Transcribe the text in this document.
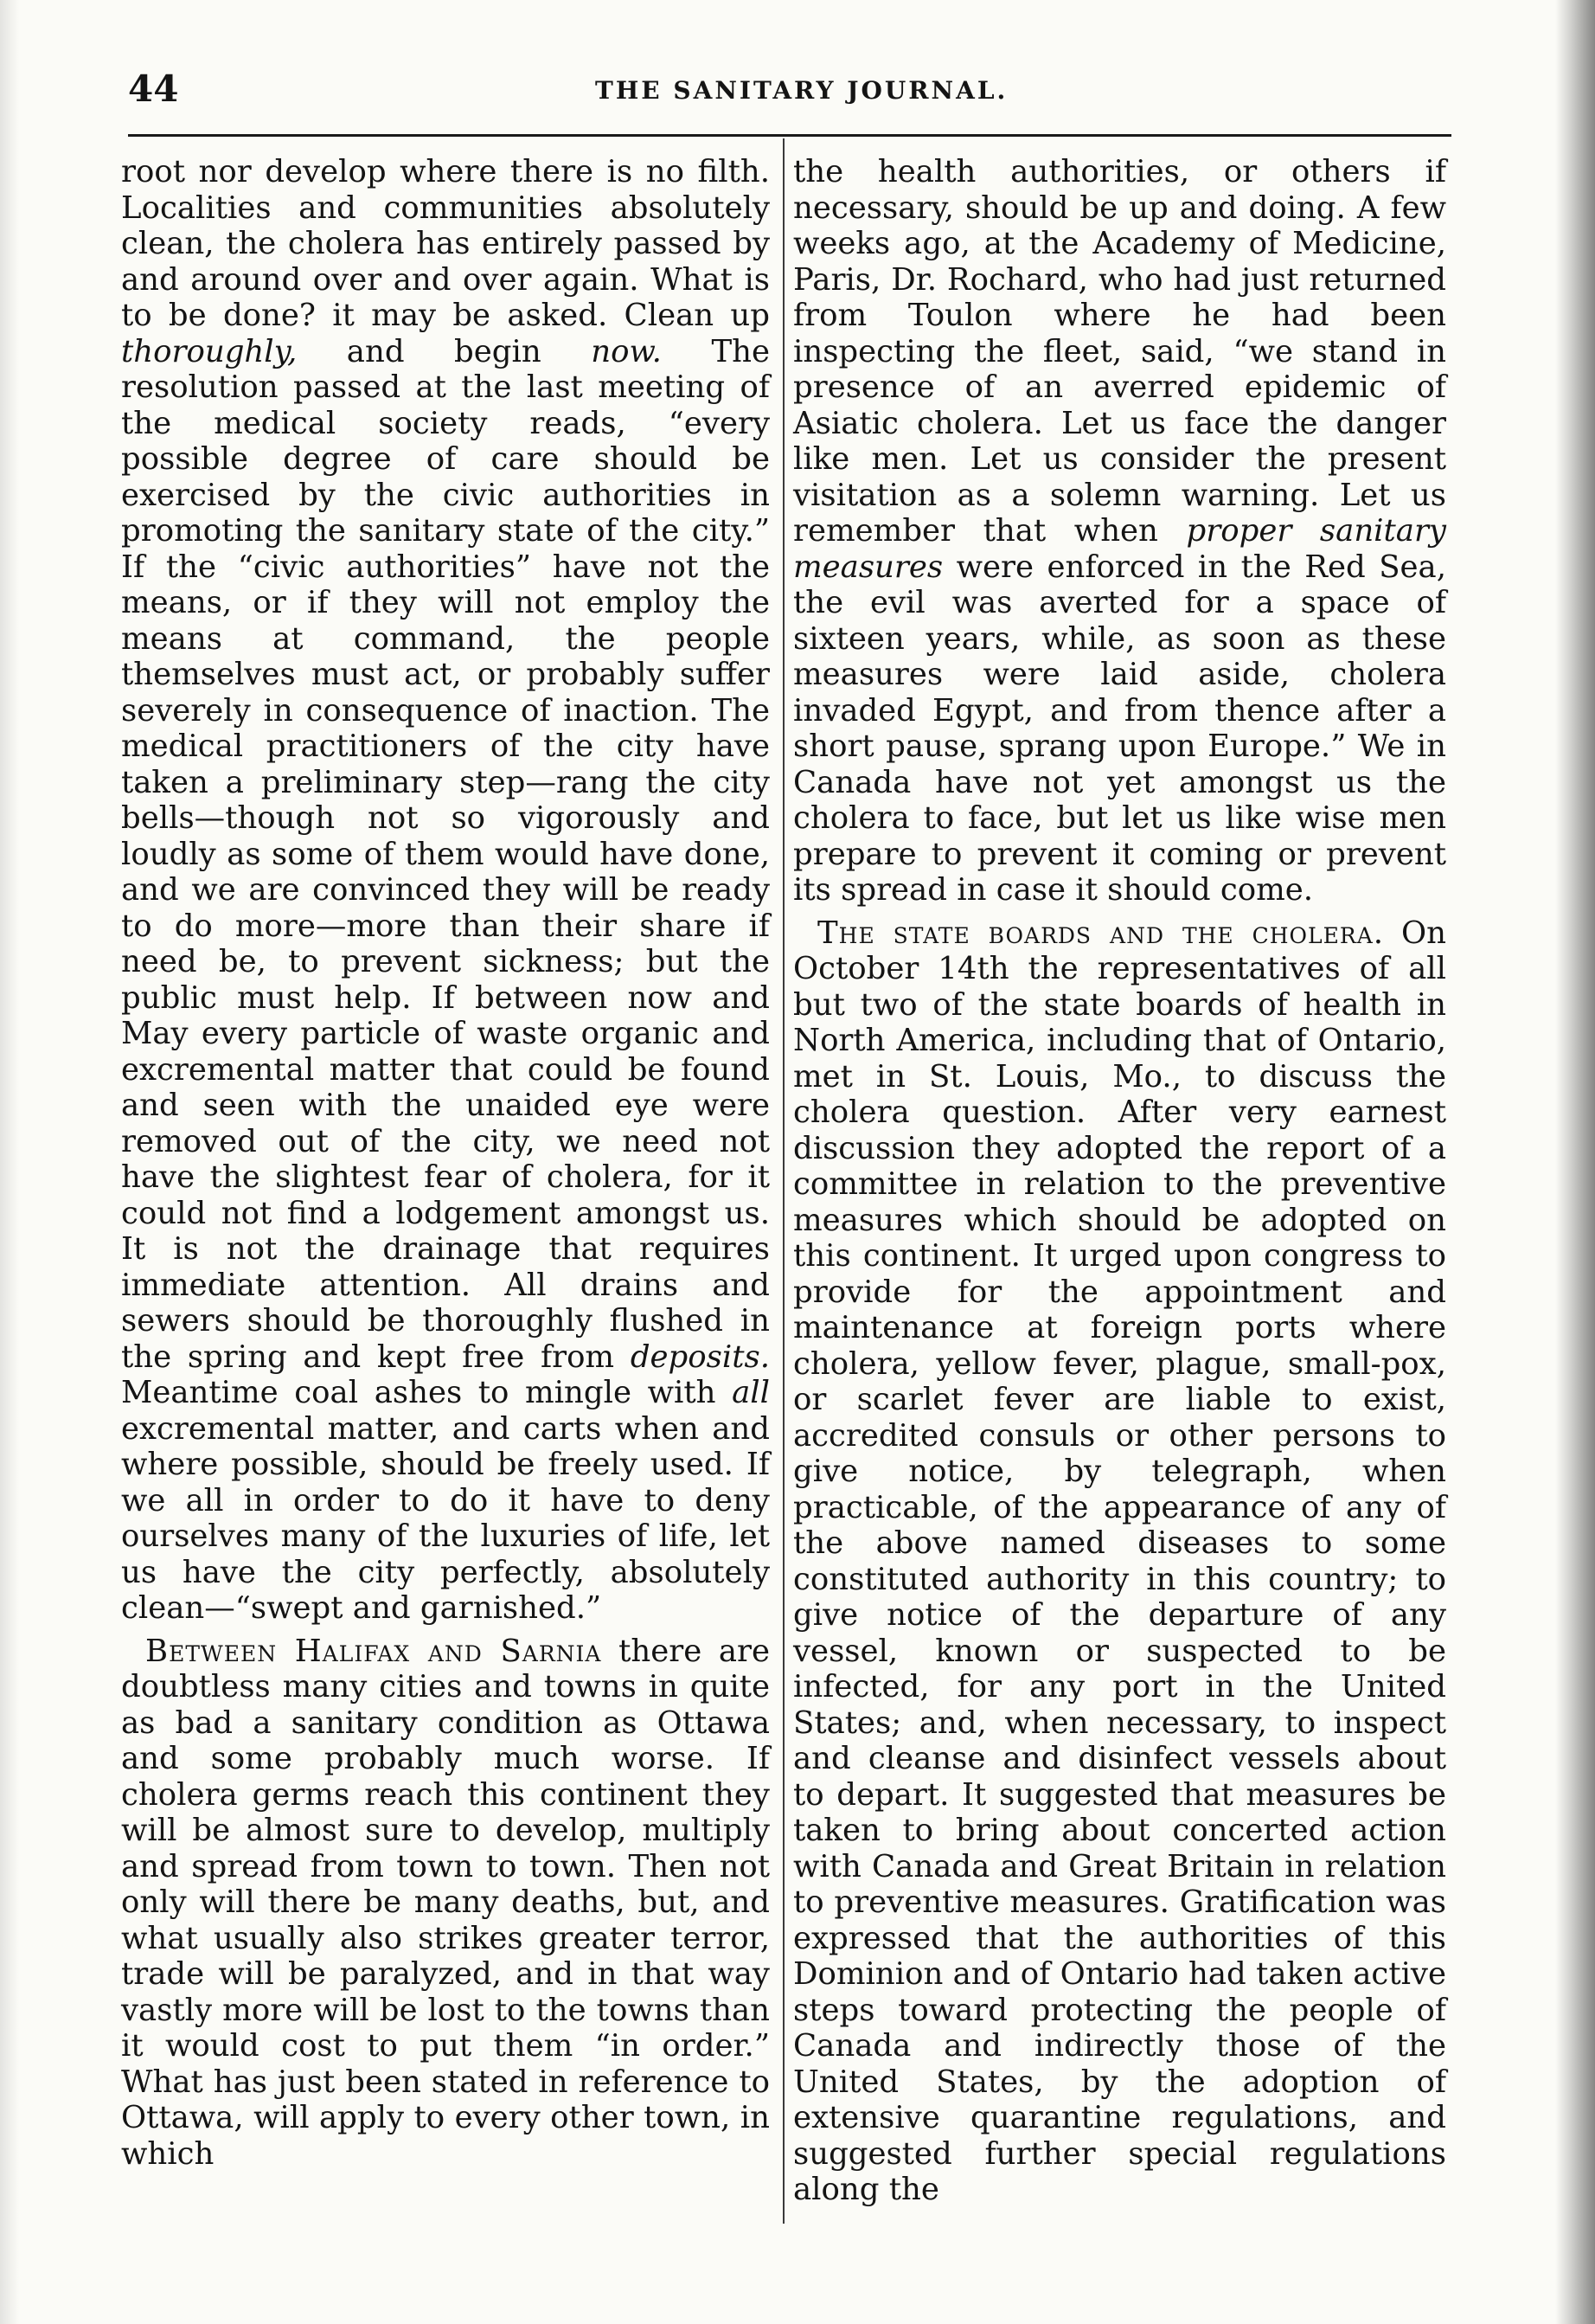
44	THE SANITARY JOURNAL.

root nor develop where there is no filth. Localities and communities absolutely clean, the cholera has entirely passed by and around over and over again. What is to be done? it may be asked. Clean up thoroughly, and begin now. The resolution passed at the last meeting of the medical society reads, “every possible degree of care should be exercised by the civic authorities in promoting the sanitary state of the city.” If the “civic authorities” have not the means, or if they will not employ the means at command, the people themselves must act, or probably suffer severely in consequence of inaction. The medical practitioners of the city have taken a preliminary step—rang the city bells—though not so vigorously and loudly as some of them would have done, and we are convinced they will be ready to do more—more than their share if need be, to prevent sickness; but the public must help. If between now and May every particle of waste organic and excremental matter that could be found and seen with the unaided eye were removed out of the city, we need not have the slightest fear of cholera, for it could not find a lodgement amongst us. It is not the drainage that requires immediate attention. All drains and sewers should be thoroughly flushed in the spring and kept free from deposits. Meantime coal ashes to mingle with all excremental matter, and carts when and where possible, should be freely used. If we all in order to do it have to deny ourselves many of the luxuries of life, let us have the city perfectly, absolutely clean—“swept and garnished.”

Between Halifax and Sarnia there are doubtless many cities and towns in quite as bad a sanitary condition as Ottawa and some probably much worse. If cholera germs reach this continent they will be almost sure to develop, multiply and spread from town to town. Then not only will there be many deaths, but, and what usually also strikes greater terror, trade will be paralyzed, and in that way vastly more will be lost to the towns than it would cost to put them “in order.” What has just been stated in reference to Ottawa, will apply to every other town, in which

the health authorities, or others if necessary, should be up and doing. A few weeks ago, at the Academy of Medicine, Paris, Dr. Rochard, who had just returned from Toulon where he had been inspecting the fleet, said, “we stand in presence of an averred epidemic of Asiatic cholera. Let us face the danger like men. Let us consider the present visitation as a solemn warning. Let us remember that when proper sanitary measures were enforced in the Red Sea, the evil was averted for a space of sixteen years, while, as soon as these measures were laid aside, cholera invaded Egypt, and from thence after a short pause, sprang upon Europe.” We in Canada have not yet amongst us the cholera to face, but let us like wise men prepare to prevent it coming or prevent its spread in case it should come.

The state boards and the cholera. On October 14th the representatives of all but two of the state boards of health in North America, including that of Ontario, met in St. Louis, Mo., to discuss the cholera question. After very earnest discussion they adopted the report of a committee in relation to the preventive measures which should be adopted on this continent. It urged upon congress to provide for the appointment and maintenance at foreign ports where cholera, yellow fever, plague, small-pox, or scarlet fever are liable to exist, accredited consuls or other persons to give notice, by telegraph, when practicable, of the appearance of any of the above named diseases to some constituted authority in this country; to give notice of the departure of any vessel, known or suspected to be infected, for any port in the United States; and, when necessary, to inspect and cleanse and disinfect vessels about to depart. It suggested that measures be taken to bring about concerted action with Canada and Great Britain in relation to preventive measures. Gratification was expressed that the authorities of this Dominion and of Ontario had taken active steps toward protecting the people of Canada and indirectly those of the United States, by the adoption of extensive quarantine regulations, and suggested further special regulations along the
